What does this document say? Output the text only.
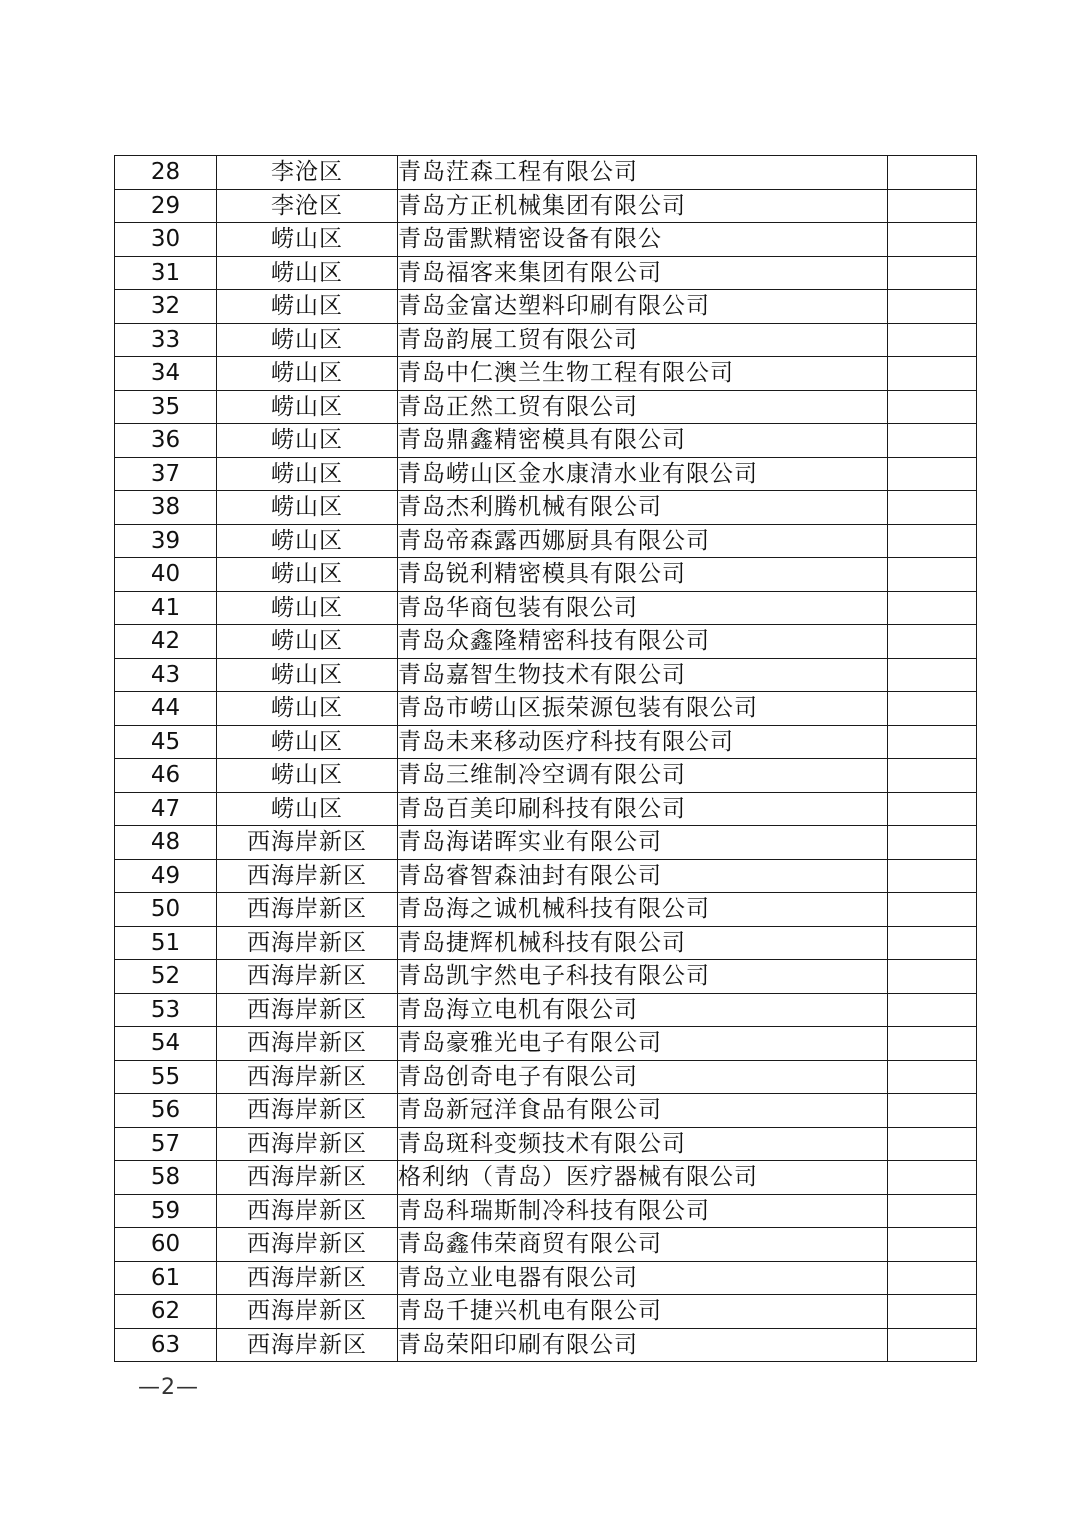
28	李沧区	青岛茳森工程有限公司	
29	李沧区	青岛方正机械集团有限公司	
30	崂山区	青岛雷默精密设备有限公	
31	崂山区	青岛福客来集团有限公司	
32	崂山区	青岛金富达塑料印刷有限公司	
33	崂山区	青岛韵展工贸有限公司	
34	崂山区	青岛中仁澳兰生物工程有限公司	
35	崂山区	青岛正然工贸有限公司	
36	崂山区	青岛鼎鑫精密模具有限公司	
37	崂山区	青岛崂山区金水康清水业有限公司	
38	崂山区	青岛杰利腾机械有限公司	
39	崂山区	青岛帝森露西娜厨具有限公司	
40	崂山区	青岛锐利精密模具有限公司	
41	崂山区	青岛华商包装有限公司	
42	崂山区	青岛众鑫隆精密科技有限公司	
43	崂山区	青岛嘉智生物技术有限公司	
44	崂山区	青岛市崂山区振荣源包装有限公司	
45	崂山区	青岛未来移动医疗科技有限公司	
46	崂山区	青岛三维制冷空调有限公司	
47	崂山区	青岛百美印刷科技有限公司	
48	西海岸新区	青岛海诺晖实业有限公司	
49	西海岸新区	青岛睿智森油封有限公司	
50	西海岸新区	青岛海之诚机械科技有限公司	
51	西海岸新区	青岛捷辉机械科技有限公司	
52	西海岸新区	青岛凯宇然电子科技有限公司	
53	西海岸新区	青岛海立电机有限公司	
54	西海岸新区	青岛豪雅光电子有限公司	
55	西海岸新区	青岛创奇电子有限公司	
56	西海岸新区	青岛新冠洋食品有限公司	
57	西海岸新区	青岛斑科变频技术有限公司	
58	西海岸新区	格利纳（青岛）医疗器械有限公司	
59	西海岸新区	青岛科瑞斯制冷科技有限公司	
60	西海岸新区	青岛鑫伟荣商贸有限公司	
61	西海岸新区	青岛立业电器有限公司	
62	西海岸新区	青岛千捷兴机电有限公司	
63	西海岸新区	青岛荣阳印刷有限公司	
—2—
